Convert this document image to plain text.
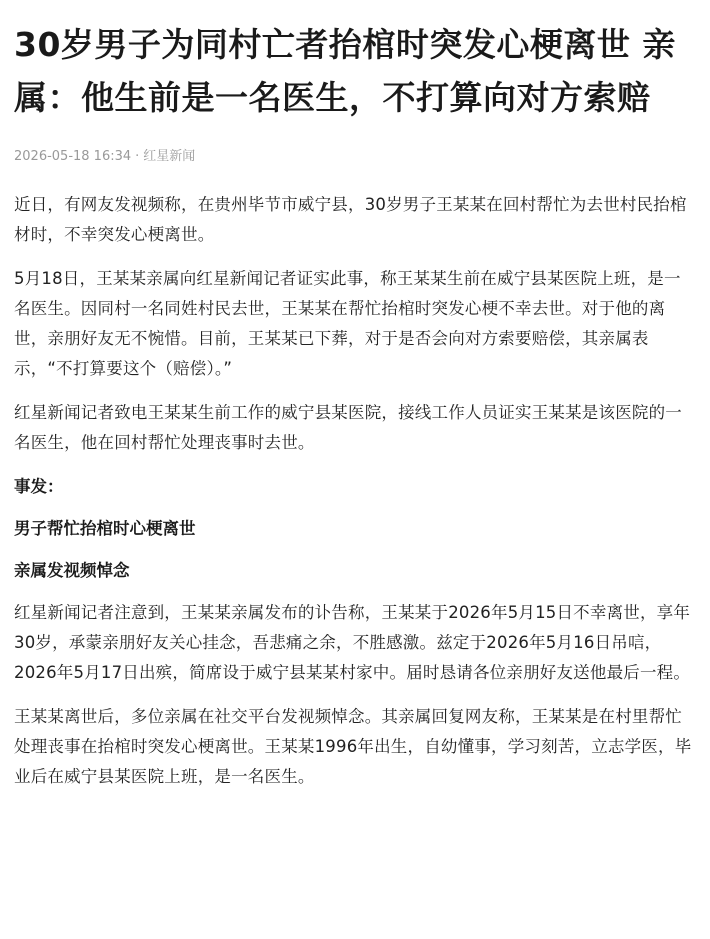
30岁男子为同村亡者抬棺时突发心梗离世 亲属：他生前是一名医生，不打算向对方索赔
2026-05-18 16:34 · 红星新闻

近日，有网友发视频称，在贵州毕节市威宁县，30岁男子王某某在回村帮忙为去世村民抬棺材时，不幸突发心梗离世。

5月18日，王某某亲属向红星新闻记者证实此事，称王某某生前在威宁县某医院上班，是一名医生。因同村一名同姓村民去世，王某某在帮忙抬棺时突发心梗不幸去世。对于他的离世，亲朋好友无不惋惜。目前，王某某已下葬，对于是否会向对方索要赔偿，其亲属表示，“不打算要这个（赔偿）。”

红星新闻记者致电王某某生前工作的威宁县某医院，接线工作人员证实王某某是该医院的一名医生，他在回村帮忙处理丧事时去世。

事发：

男子帮忙抬棺时心梗离世

亲属发视频悼念

红星新闻记者注意到，王某某亲属发布的讣告称，王某某于2026年5月15日不幸离世，享年30岁，承蒙亲朋好友关心挂念，吾悲痛之余，不胜感激。兹定于2026年5月16日吊唁，2026年5月17日出殡，简席设于威宁县某某村家中。届时恳请各位亲朋好友送他最后一程。

王某某离世后，多位亲属在社交平台发视频悼念。其亲属回复网友称，王某某是在村里帮忙处理丧事在抬棺时突发心梗离世。王某某1996年出生，自幼懂事，学习刻苦，立志学医，毕业后在威宁县某医院上班，是一名医生。
